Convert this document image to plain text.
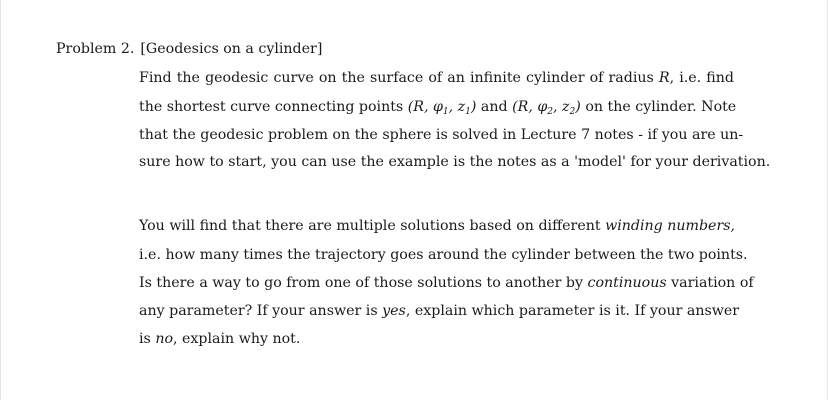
Problem 2. [Geodesics on a cylinder]
Find the geodesic curve on the surface of an infinite cylinder of radius R, i.e. find
the shortest curve connecting points (R, $\varphi_1$, $z_1$) and (R, $\varphi_2$, $z_2$) on the cylinder. Note
that the geodesic problem on the sphere is solved in Lecture 7 notes - if you are un-
sure how to start, you can use the example is the notes as a 'model' for your derivation.
You will find that there are multiple solutions based on different winding numbers,
i.e. how many times the trajectory goes around the cylinder between the two points.
Is there a way to go from one of those solutions to another by continuous variation of
any parameter? If your answer is yes, explain which parameter is it. If your answer
is no, explain why not.
